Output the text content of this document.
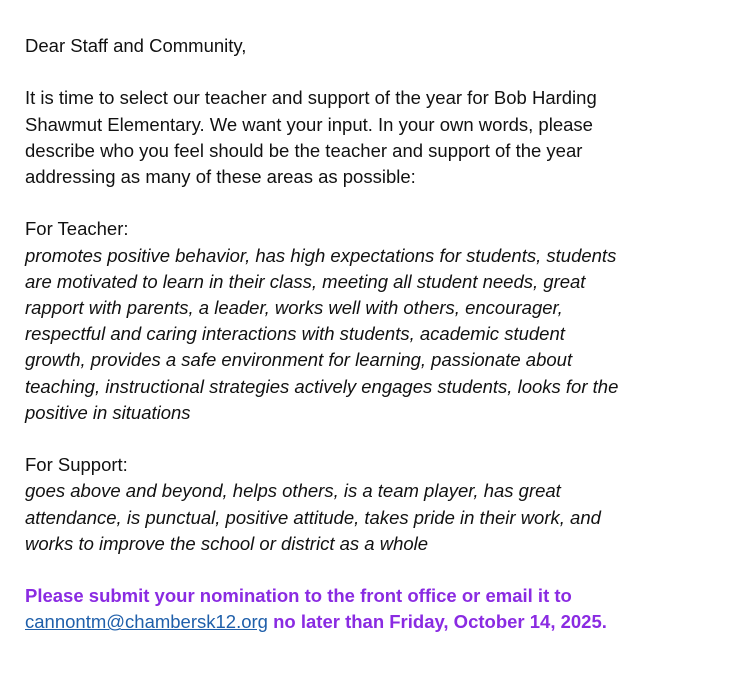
Dear Staff and Community,
It is time to select our teacher and support of the year for Bob Harding
Shawmut Elementary. We want your input. In your own words, please
describe who you feel should be the teacher and support of the year
addressing as many of these areas as possible:
For Teacher:
promotes positive behavior, has high expectations for students, students
are motivated to learn in their class, meeting all student needs, great
rapport with parents, a leader, works well with others, encourager,
respectful and caring interactions with students, academic student
growth, provides a safe environment for learning, passionate about
teaching, instructional strategies actively engages students, looks for the
positive in situations
For Support:
goes above and beyond, helps others, is a team player, has great
attendance, is punctual, positive attitude, takes pride in their work, and
works to improve the school or district as a whole
Please submit your nomination to the front office or email it to
cannontm@chambersk12.org no later than Friday, October 14, 2025.
